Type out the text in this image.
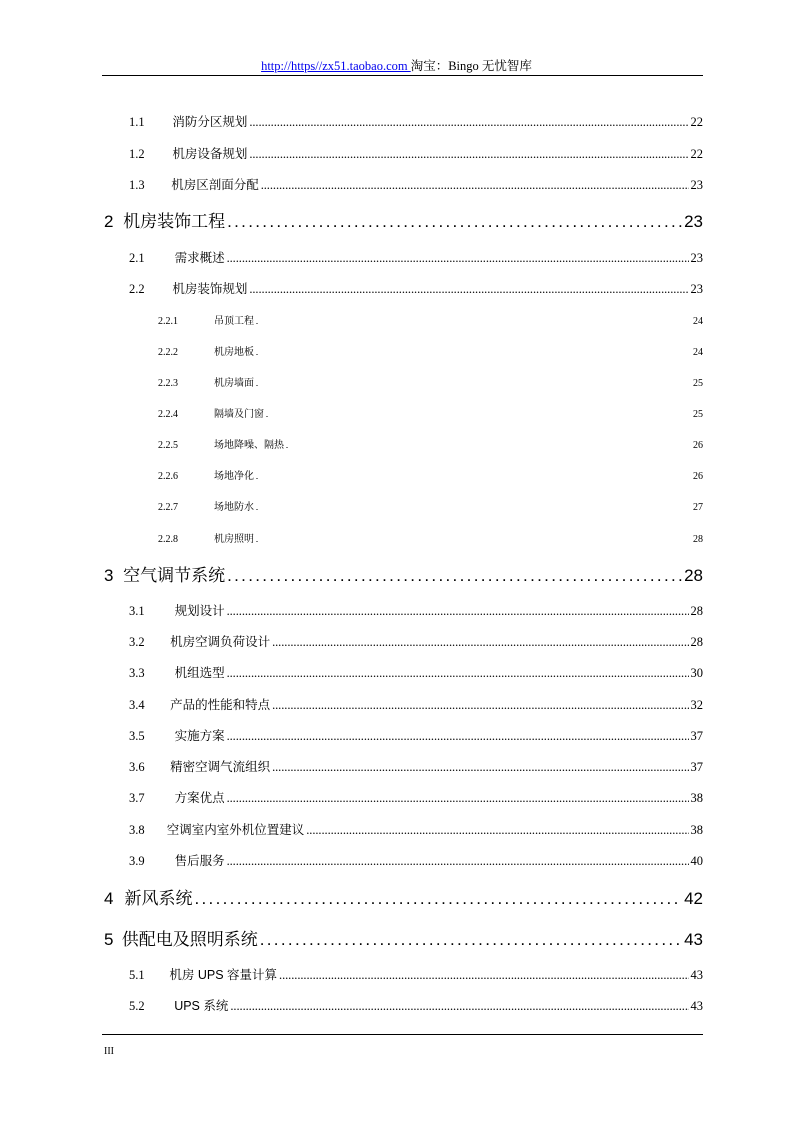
http://https//zx51.taobao.com 淘宝：Bingo 无忧智库
1.1	消防分区规划 . . .	22
1.2	机房设备规划 . . .	22
1.3	机房区剖面分配 . . .	23
2 机房装饰工程 . . .	23
2.1	需求概述 . . .	23
2.2	机房装饰规划 . . .	23
2.2.1	吊顶工程 . . .	24
2.2.2	机房地板 . . .	24
2.2.3	机房墙面 . . .	25
2.2.4	隔墙及门窗 . . .	25
2.2.5	场地降噪、隔热 . . .	26
2.2.6	场地净化 . . .	26
2.2.7	场地防水 . . .	27
2.2.8	机房照明 . . .	28
3 空气调节系统 . . .	28
3.1	规划设计 . . .	28
3.2	机房空调负荷设计 . . .	28
3.3	机组选型 . . .	30
3.4	产品的性能和特点 . . .	32
3.5	实施方案 . . .	37
3.6	精密空调气流组织 . . .	37
3.7	方案优点 . . .	38
3.8	空调室内室外机位置建议 . . .	38
3.9	售后服务 . . .	40
4 新风系统 . . .	42
5 供配电及照明系统 . . .	43
5.1	机房 UPS 容量计算 . . .	43
5.2	UPS 系统 . . .	43
III
